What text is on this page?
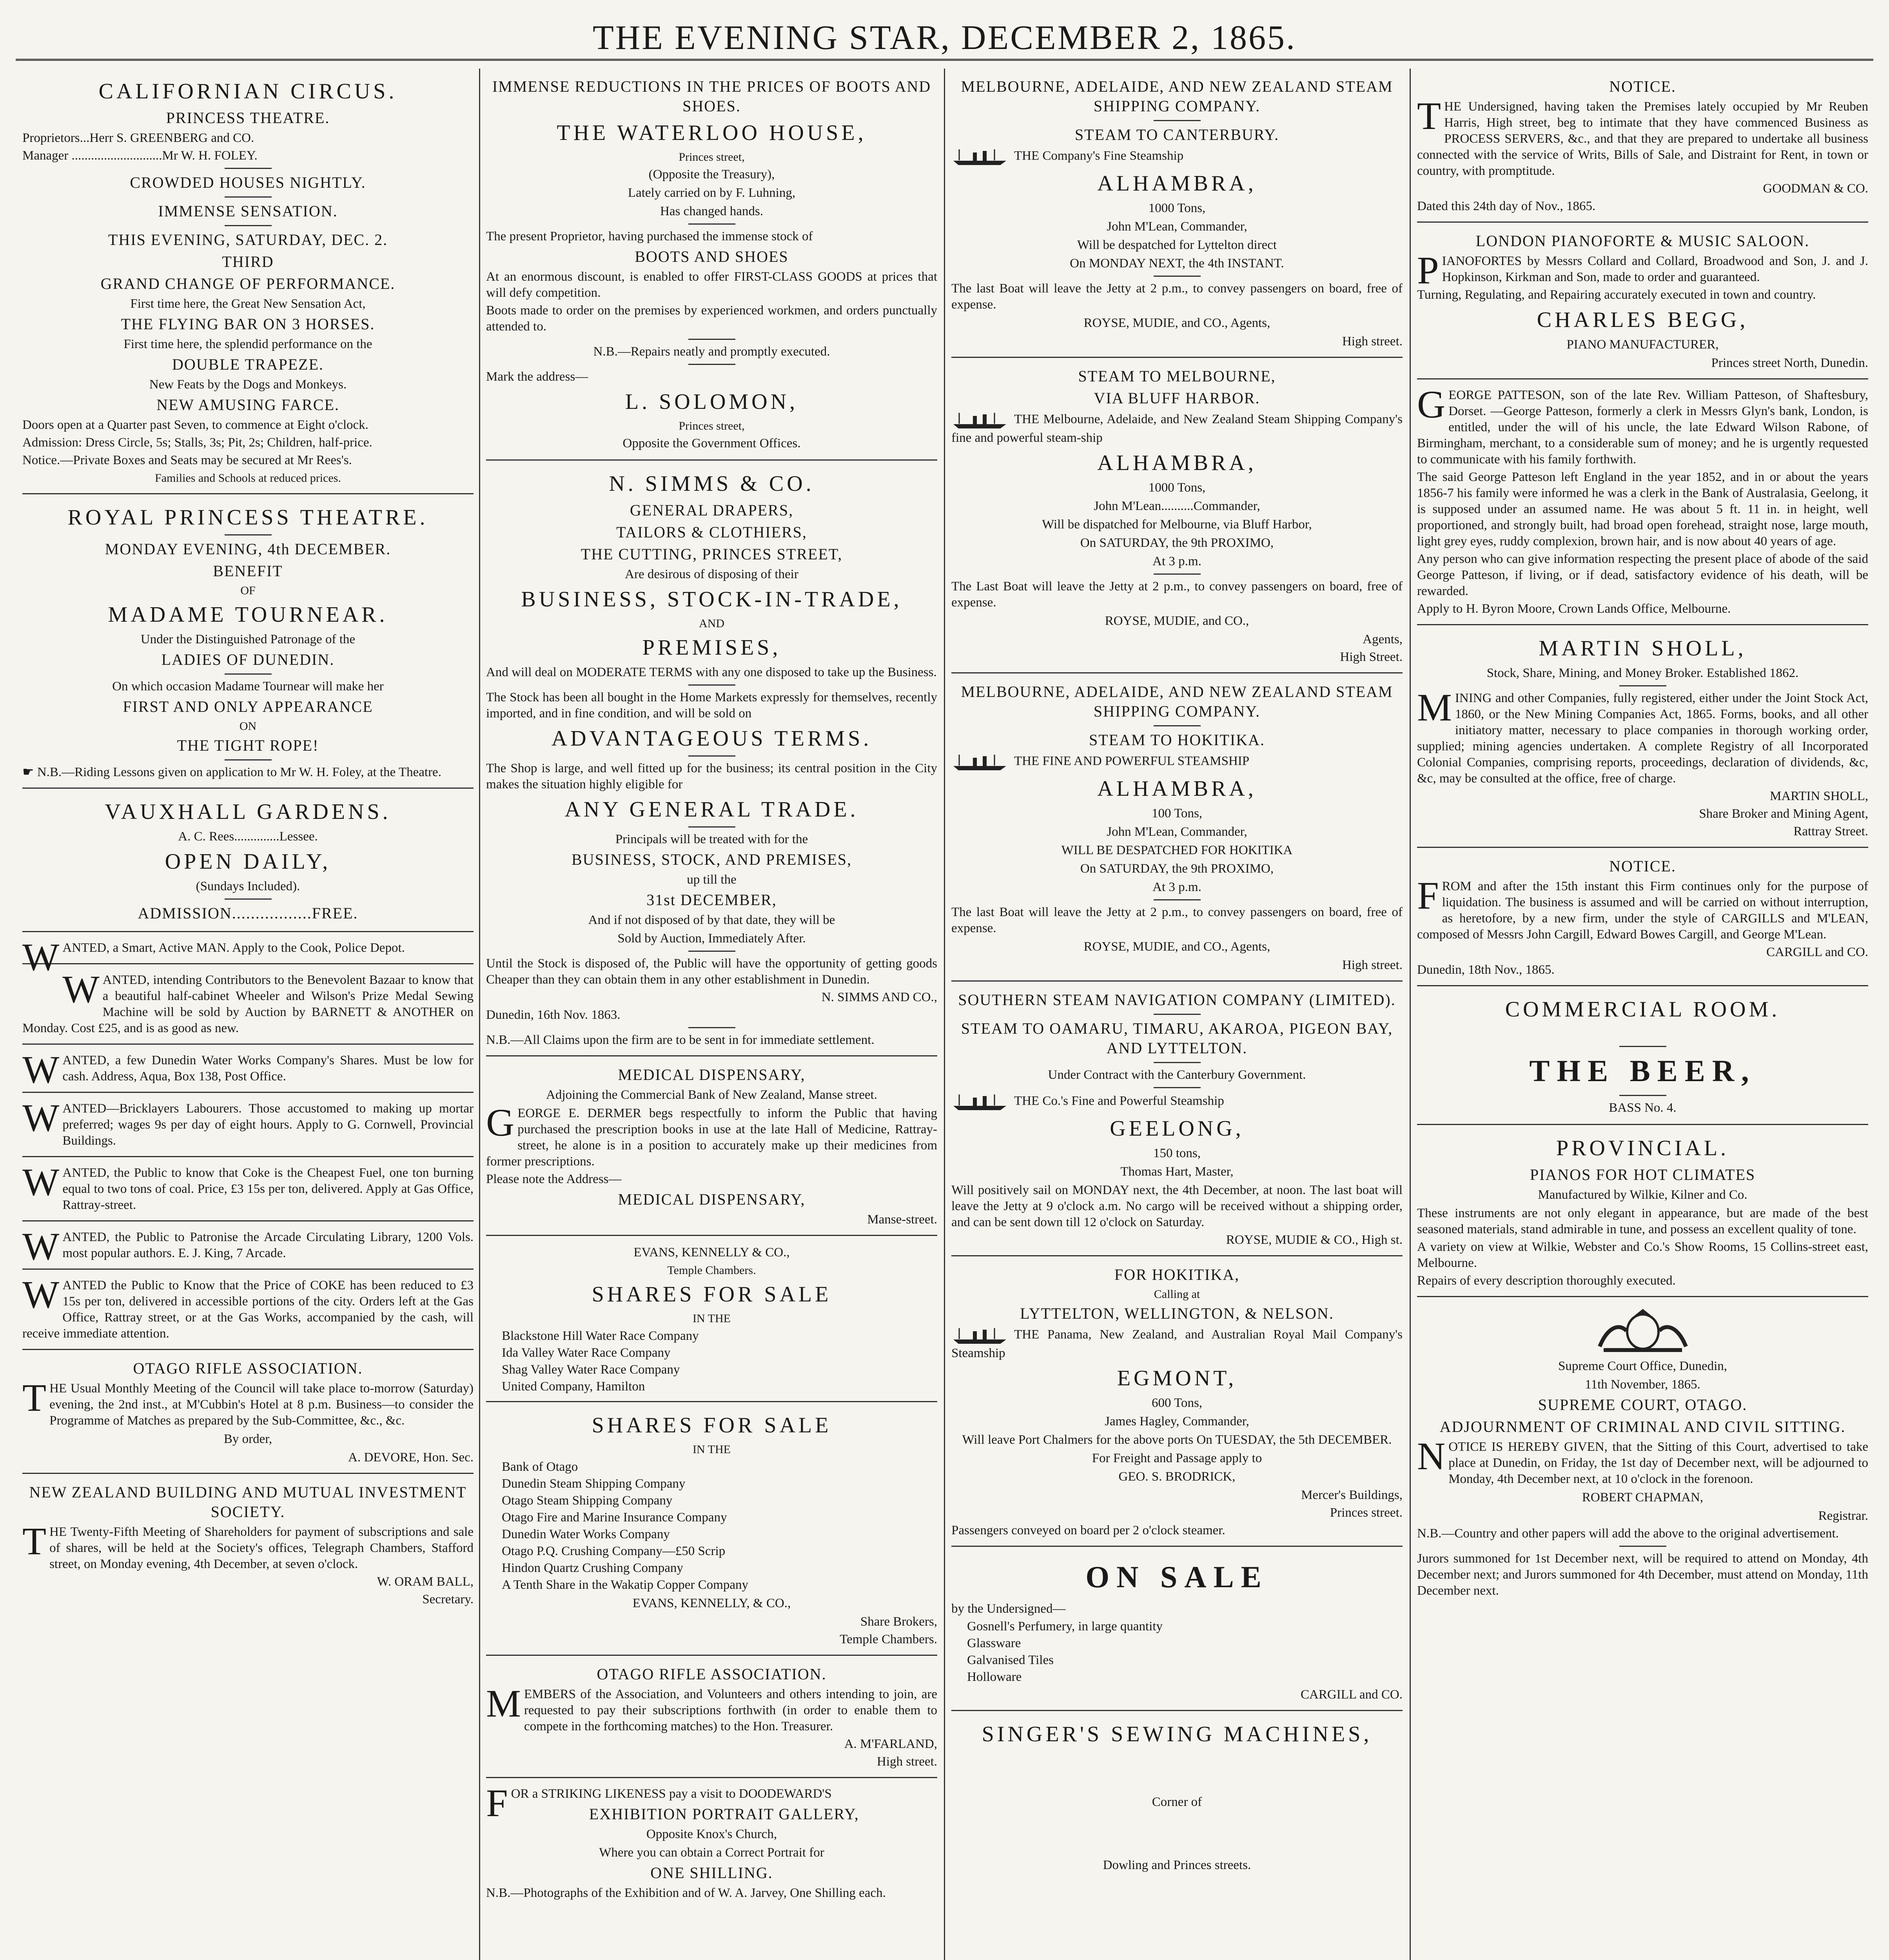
THE EVENING STAR, DECEMBER 2, 1865.
CALIFORNIAN CIRCUS.
PRINCESS THEATRE.
Proprietors...Herr S. GREENBERG and CO.
Manager ............................Mr W. H. FOLEY.
CROWDED HOUSES NIGHTLY.
IMMENSE SENSATION.
THIS EVENING, SATURDAY, DEC. 2.
THIRD
GRAND CHANGE OF PERFORMANCE.
First time here, the Great New Sensation Act,
THE FLYING BAR ON 3 HORSES.
First time here, the splendid performance on the
DOUBLE TRAPEZE.
New Feats by the Dogs and Monkeys.
NEW AMUSING FARCE.
Doors open at a Quarter past Seven, to commence at Eight o'clock.
Admission: Dress Circle, 5s; Stalls, 3s; Pit, 2s; Children, half-price.
Notice.—Private Boxes and Seats may be secured at Mr Rees's.
Families and Schools at reduced prices.
ROYAL PRINCESS THEATRE.
MONDAY EVENING, 4th DECEMBER.
BENEFIT
OF
MADAME TOURNEAR.
Under the Distinguished Patronage of the
LADIES OF DUNEDIN.
On which occasion Madame Tournear will make her
FIRST AND ONLY APPEARANCE
ON
THE TIGHT ROPE!
☛ N.B.—Riding Lessons given on application to Mr W. H. Foley, at the Theatre.
VAUXHALL GARDENS.
A. C. Rees..............Lessee.
OPEN DAILY,
(Sundays Included).
ADMISSION.................FREE.
WANTED, a Smart, Active MAN. Apply to the Cook, Police Depot.
WANTED, intending Contributors to the Benevolent Bazaar to know that a beautiful half-cabinet Wheeler and Wilson's Prize Medal Sewing Machine will be sold by Auction by BARNETT & ANOTHER on Monday. Cost £25, and is as good as new.
WANTED, a few Dunedin Water Works Company's Shares. Must be low for cash. Address, Aqua, Box 138, Post Office.
WANTED—Bricklayers Labourers. Those accustomed to making up mortar preferred; wages 9s per day of eight hours. Apply to G. Cornwell, Provincial Buildings.
WANTED, the Public to know that Coke is the Cheapest Fuel, one ton burning equal to two tons of coal. Price, £3 15s per ton, delivered. Apply at Gas Office, Rattray-street.
WANTED, the Public to Patronise the Arcade Circulating Library, 1200 Vols. most popular authors. E. J. King, 7 Arcade.
WANTED the Public to Know that the Price of COKE has been reduced to £3 15s per ton, delivered in accessible portions of the city. Orders left at the Gas Office, Rattray street, or at the Gas Works, accompanied by the cash, will receive immediate attention.
OTAGO RIFLE ASSOCIATION.
THE Usual Monthly Meeting of the Council will take place to-morrow (Saturday) evening, the 2nd inst., at M'Cubbin's Hotel at 8 p.m. Business—to consider the Programme of Matches as prepared by the Sub-Committee, &c., &c.
By order,
A. DEVORE, Hon. Sec.
NEW ZEALAND BUILDING AND MUTUAL INVESTMENT SOCIETY.
THE Twenty-Fifth Meeting of Shareholders for payment of subscriptions and sale of shares, will be held at the Society's offices, Telegraph Chambers, Stafford street, on Monday evening, 4th December, at seven o'clock.
W. ORAM BALL,
Secretary.
IMMENSE REDUCTIONS IN THE PRICES OF BOOTS AND SHOES.
THE WATERLOO HOUSE,
Princes street,
(Opposite the Treasury),
Lately carried on by F. Luhning,
Has changed hands.
The present Proprietor, having purchased the immense stock of
BOOTS AND SHOES
At an enormous discount, is enabled to offer FIRST-CLASS GOODS at prices that will defy competition.
Boots made to order on the premises by experienced workmen, and orders punctually attended to.
N.B.—Repairs neatly and promptly executed.
Mark the address—
L. SOLOMON,
Princes street,
Opposite the Government Offices.
N. SIMMS & CO.
GENERAL DRAPERS,
TAILORS & CLOTHIERS,
THE CUTTING, PRINCES STREET,
Are desirous of disposing of their
BUSINESS, STOCK-IN-TRADE,
AND
PREMISES,
And will deal on MODERATE TERMS with any one disposed to take up the Business.
The Stock has been all bought in the Home Markets expressly for themselves, recently imported, and in fine condition, and will be sold on
ADVANTAGEOUS TERMS.
The Shop is large, and well fitted up for the business; its central position in the City makes the situation highly eligible for
ANY GENERAL TRADE.
Principals will be treated with for the
BUSINESS, STOCK, AND PREMISES,
up till the
31st DECEMBER,
And if not disposed of by that date, they will be
Sold by Auction, Immediately After.
Until the Stock is disposed of, the Public will have the opportunity of getting goods Cheaper than they can obtain them in any other establishment in Dunedin.
N. SIMMS AND CO.,
Dunedin, 16th Nov. 1863.
N.B.—All Claims upon the firm are to be sent in for immediate settlement.
MEDICAL DISPENSARY,
Adjoining the Commercial Bank of New Zealand, Manse street.
GEORGE E. DERMER begs respectfully to inform the Public that having purchased the prescription books in use at the late Hall of Medicine, Rattray-street, he alone is in a position to accurately make up their medicines from former prescriptions.
Please note the Address—
MEDICAL DISPENSARY,
Manse-street.
EVANS, KENNELLY & CO.,
Temple Chambers.
SHARES FOR SALE
IN THE
Blackstone Hill Water Race Company
Ida Valley Water Race Company
Shag Valley Water Race Company
United Company, Hamilton
SHARES FOR SALE
IN THE
Bank of Otago
Dunedin Steam Shipping Company
Otago Steam Shipping Company
Otago Fire and Marine Insurance Company
Dunedin Water Works Company
Otago P.Q. Crushing Company—£50 Scrip
Hindon Quartz Crushing Company
A Tenth Share in the Wakatip Copper Company
EVANS, KENNELLY, & CO.,
Share Brokers,
Temple Chambers.
OTAGO RIFLE ASSOCIATION.
MEMBERS of the Association, and Volunteers and others intending to join, are requested to pay their subscriptions forthwith (in order to enable them to compete in the forthcoming matches) to the Hon. Treasurer.
A. M'FARLAND,
High street.
FOR a STRIKING LIKENESS pay a visit to DOODEWARD'S
EXHIBITION PORTRAIT GALLERY,
Opposite Knox's Church,
Where you can obtain a Correct Portrait for
ONE SHILLING.
N.B.—Photographs of the Exhibition and of W. A. Jarvey, One Shilling each.
MELBOURNE, ADELAIDE, AND NEW ZEALAND STEAM SHIPPING COMPANY.
STEAM TO CANTERBURY.
THE Company's Fine Steamship
ALHAMBRA,
1000 Tons,
John M'Lean, Commander,
Will be despatched for Lyttelton direct
On MONDAY NEXT, the 4th INSTANT.
The last Boat will leave the Jetty at 2 p.m., to convey passengers on board, free of expense.
ROYSE, MUDIE, and CO., Agents,
High street.
STEAM TO MELBOURNE,
VIA BLUFF HARBOR.
THE Melbourne, Adelaide, and New Zealand Steam Shipping Company's fine and powerful steam-ship
ALHAMBRA,
1000 Tons,
John M'Lean..........Commander,
Will be dispatched for Melbourne, via Bluff Harbor,
On SATURDAY, the 9th PROXIMO,
At 3 p.m.
The Last Boat will leave the Jetty at 2 p.m., to convey passengers on board, free of expense.
ROYSE, MUDIE, and CO.,
Agents,
High Street.
MELBOURNE, ADELAIDE, AND NEW ZEALAND STEAM SHIPPING COMPANY.
STEAM TO HOKITIKA.
THE FINE AND POWERFUL STEAMSHIP
ALHAMBRA,
100 Tons,
John M'Lean, Commander,
WILL BE DESPATCHED FOR HOKITIKA
On SATURDAY, the 9th PROXIMO,
At 3 p.m.
The last Boat will leave the Jetty at 2 p.m., to convey passengers on board, free of expense.
ROYSE, MUDIE, and CO., Agents,
High street.
SOUTHERN STEAM NAVIGATION COMPANY (LIMITED).
STEAM TO OAMARU, TIMARU, AKAROA, PIGEON BAY, AND LYTTELTON.
Under Contract with the Canterbury Government.
THE Co.'s Fine and Powerful Steamship
GEELONG,
150 tons,
Thomas Hart, Master,
Will positively sail on MONDAY next, the 4th December, at noon. The last boat will leave the Jetty at 9 o'clock a.m. No cargo will be received without a shipping order, and can be sent down till 12 o'clock on Saturday.
ROYSE, MUDIE & CO., High st.
FOR HOKITIKA,
Calling at
LYTTELTON, WELLINGTON, & NELSON.
THE Panama, New Zealand, and Australian Royal Mail Company's Steamship
EGMONT,
600 Tons,
James Hagley, Commander,
Will leave Port Chalmers for the above ports On TUESDAY, the 5th DECEMBER.
For Freight and Passage apply to
GEO. S. BRODRICK,
Mercer's Buildings,
Princes street.
Passengers conveyed on board per 2 o'clock steamer.
ON SALE
by the Undersigned—
Gosnell's Perfumery, in large quantity
Glassware
Galvanised Tiles
Holloware
CARGILL and CO.
SINGER'S SEWING MACHINES,
Corner of
Dowling and Princes streets.
NOTICE.
THE Undersigned, having taken the Premises lately occupied by Mr Reuben Harris, High street, beg to intimate that they have commenced Business as PROCESS SERVERS, &c., and that they are prepared to undertake all business connected with the service of Writs, Bills of Sale, and Distraint for Rent, in town or country, with promptitude.
GOODMAN & CO.
Dated this 24th day of Nov., 1865.
LONDON PIANOFORTE & MUSIC SALOON.
PIANOFORTES by Messrs Collard and Collard, Broadwood and Son, J. and J. Hopkinson, Kirkman and Son, made to order and guaranteed.
Turning, Regulating, and Repairing accurately executed in town and country.
CHARLES BEGG,
PIANO MANUFACTURER,
Princes street North, Dunedin.
GEORGE PATTESON, son of the late Rev. William Patteson, of Shaftesbury, Dorset. —George Patteson, formerly a clerk in Messrs Glyn's bank, London, is entitled, under the will of his uncle, the late Edward Wilson Rabone, of Birmingham, merchant, to a considerable sum of money; and he is urgently requested to communicate with his family forthwith.
The said George Patteson left England in the year 1852, and in or about the years 1856-7 his family were informed he was a clerk in the Bank of Australasia, Geelong, it is supposed under an assumed name. He was about 5 ft. 11 in. in height, well proportioned, and strongly built, had broad open forehead, straight nose, large mouth, light grey eyes, ruddy complexion, brown hair, and is now about 40 years of age.
Any person who can give information respecting the present place of abode of the said George Patteson, if living, or if dead, satisfactory evidence of his death, will be rewarded.
Apply to H. Byron Moore, Crown Lands Office, Melbourne.
MARTIN SHOLL,
Stock, Share, Mining, and Money Broker. Established 1862.
MINING and other Companies, fully registered, either under the Joint Stock Act, 1860, or the New Mining Companies Act, 1865. Forms, books, and all other initiatory matter, necessary to place companies in thorough working order, supplied; mining agencies undertaken. A complete Registry of all Incorporated Colonial Companies, comprising reports, proceedings, declaration of dividends, &c, &c, may be consulted at the office, free of charge.
MARTIN SHOLL,
Share Broker and Mining Agent,
Rattray Street.
NOTICE.
FROM and after the 15th instant this Firm continues only for the purpose of liquidation. The business is assumed and will be carried on without interruption, as heretofore, by a new firm, under the style of CARGILLS and M'LEAN, composed of Messrs John Cargill, Edward Bowes Cargill, and George M'Lean.
CARGILL and CO.
Dunedin, 18th Nov., 1865.
COMMERCIAL ROOM.
THE BEER,
BASS No. 4.
PROVINCIAL.
PIANOS FOR HOT CLIMATES
Manufactured by Wilkie, Kilner and Co.
These instruments are not only elegant in appearance, but are made of the best seasoned materials, stand admirable in tune, and possess an excellent quality of tone.
A variety on view at Wilkie, Webster and Co.'s Show Rooms, 15 Collins-street east, Melbourne.
Repairs of every description thoroughly executed.
Supreme Court Office, Dunedin,
11th November, 1865.
SUPREME COURT, OTAGO.
ADJOURNMENT OF CRIMINAL AND CIVIL SITTING.
NOTICE IS HEREBY GIVEN, that the Sitting of this Court, advertised to take place at Dunedin, on Friday, the 1st day of December next, will be adjourned to Monday, 4th December next, at 10 o'clock in the forenoon.
ROBERT CHAPMAN,
Registrar.
N.B.—Country and other papers will add the above to the original advertisement.
Jurors summoned for 1st December next, will be required to attend on Monday, 4th December next; and Jurors summoned for 4th December, must attend on Monday, 11th December next.
